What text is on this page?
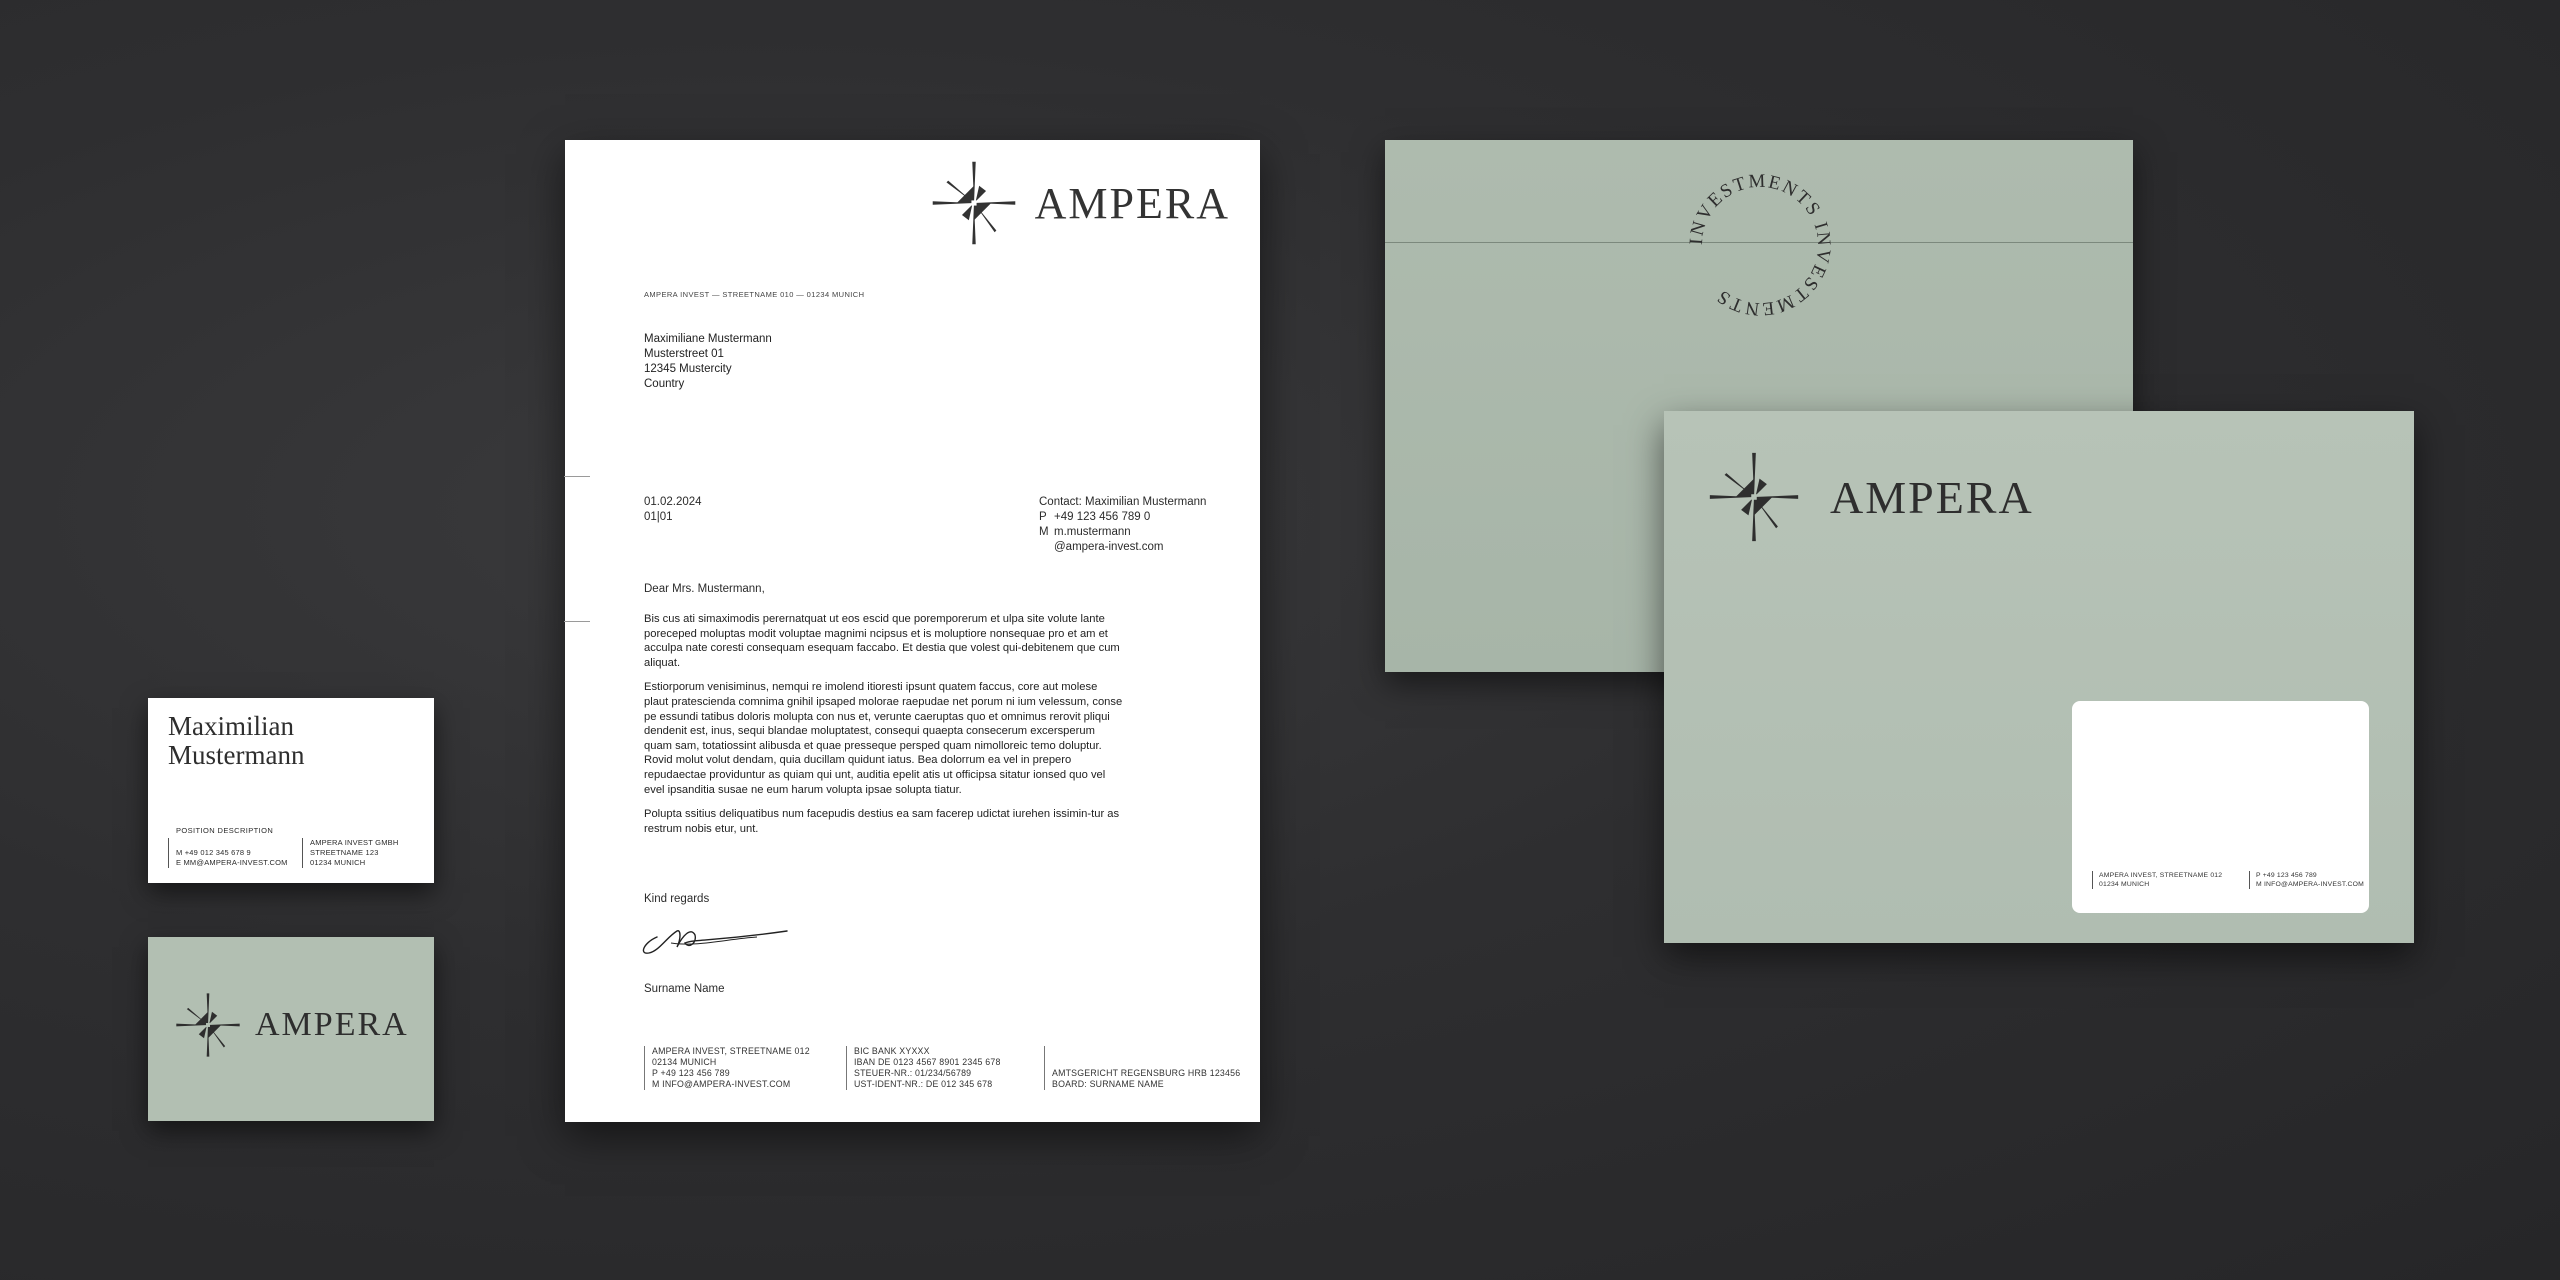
AMPERA
AMPERA INVEST — STREETNAME 010 — 01234 MUNICH
Maximiliane Mustermann
Musterstreet 01
12345 Mustercity
Country
01.02.2024
01|01
Contact: Maximilian Mustermann
P +49 123 456 789 0
M m.mustermann
@ampera-invest.com
Dear Mrs. Mustermann,

Bis cus ati simaximodis perernatquat ut eos escid que poremporerum et ulpa site volute lante poreceped moluptas modit voluptae magnimi ncipsus et is moluptiore nonsequae pro et am et acculpa nate coresti consequam esequam faccabo. Et destia que volest qui-debitenem que cum aliquat.

Estiorporum venisiminus, nemqui re imolend itioresti ipsunt quatem faccus, core aut molese plaut pratescienda comnima gnihil ipsaped molorae raepudae net porum ni ium velessum, conse pe essundi tatibus doloris molupta con nus et, verunte caeruptas quo et omnimus rerovit pliqui dendenit est, inus, sequi blandae moluptatest, consequi quaepta consecerum excersperum quam sam, totatiossint alibusda et quae presseque persped quam nimolloreic temo doluptur. Rovid molut volut dendam, quia ducillam quidunt iatus. Bea dolorrum ea vel in prepero repudaectae providuntur as quiam qui unt, auditia epelit atis ut officipsa sitatur ionsed quo vel evel ipsanditia susae ne eum harum volupta ipsae solupta tiatur.

Polupta ssitius deliquatibus num facepudis destius ea sam facerep udictat iurehen issimin-tur as restrum nobis etur, unt.

Kind regards
Surname Name
AMPERA INVEST, STREETNAME 012
02134 MUNICH
P +49 123 456 789
M INFO@AMPERA-INVEST.COM
BIC BANK XYXXX
IBAN DE 0123 4567 8901 2345 678
STEUER-NR.: 01/234/56789
UST-IDENT-NR.: DE 012 345 678
AMTSGERICHT REGENSBURG HRB 123456
BOARD: SURNAME NAME
Maximilian
Mustermann
POSITION DESCRIPTION

M +49 012 345 678 9
E MM@AMPERA-INVEST.COM
AMPERA INVEST GMBH
STREETNAME 123
01234 MUNICH
AMPERA
INVESTMENTS INVESTMENTS
AMPERA
AMPERA INVEST, STREETNAME 012
01234 MUNICH
P +49 123 456 789
M INFO@AMPERA-INVEST.COM
